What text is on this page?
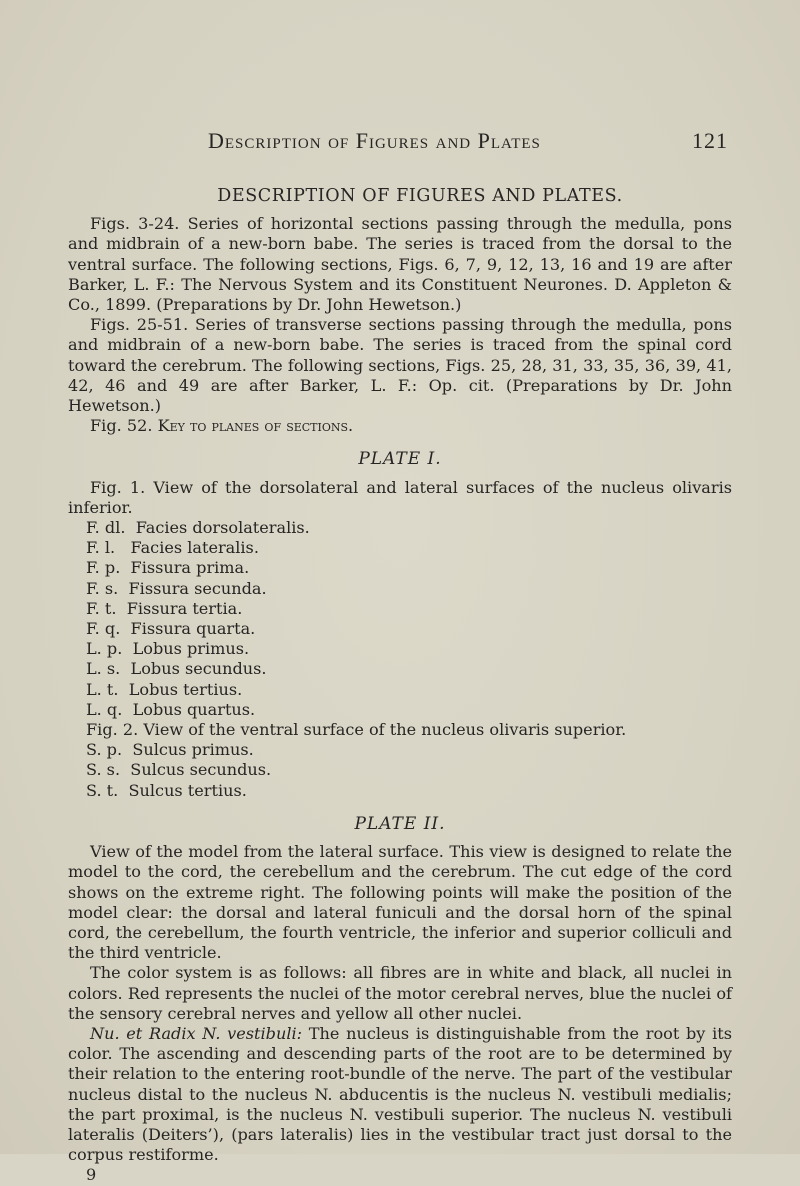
Description of Figures and Plates	121
DESCRIPTION OF FIGURES AND PLATES.

Figs. 3-24. Series of horizontal sections passing through the medulla, pons and midbrain of a new-born babe. The series is traced from the dorsal to the ventral surface. The following sections, Figs. 6, 7, 9, 12, 13, 16 and 19 are after Barker, L. F.: The Nervous System and its Constituent Neurones. D. Appleton & Co., 1899. (Preparations by Dr. John Hewetson.)

Figs. 25-51. Series of transverse sections passing through the medulla, pons and midbrain of a new-born babe. The series is traced from the spinal cord toward the cerebrum. The following sections, Figs. 25, 28, 31, 33, 35, 36, 39, 41, 42, 46 and 49 are after Barker, L. F.: Op. cit. (Preparations by Dr. John Hewetson.)

Fig. 52. Key to planes of sections.

PLATE I.

Fig. 1. View of the dorsolateral and lateral surfaces of the nucleus olivaris inferior.

F. dl. Facies dorsolateralis.
F. l. Facies lateralis.
F. p. Fissura prima.
F. s. Fissura secunda.
F. t. Fissura tertia.
F. q. Fissura quarta.
L. p. Lobus primus.
L. s. Lobus secundus.
L. t. Lobus tertius.
L. q. Lobus quartus.

Fig. 2. View of the ventral surface of the nucleus olivaris superior.

S. p. Sulcus primus.
S. s. Sulcus secundus.
S. t. Sulcus tertius.
PLATE II.

View of the model from the lateral surface. This view is designed to relate the model to the cord, the cerebellum and the cerebrum. The cut edge of the cord shows on the extreme right. The following points will make the position of the model clear: the dorsal and lateral funiculi and the dorsal horn of the spinal cord, the cerebellum, the fourth ventricle, the inferior and superior colliculi and the third ventricle.

The color system is as follows: all fibres are in white and black, all nuclei in colors. Red represents the nuclei of the motor cerebral nerves, blue the nuclei of the sensory cerebral nerves and yellow all other nuclei.

Nu. et Radix N. vestibuli: The nucleus is distinguishable from the root by its color. The ascending and descending parts of the root are to be determined by their relation to the entering root-bundle of the nerve. The part of the vestibular nucleus distal to the nucleus N. abducentis is the nucleus N. vestibuli medialis; the part proximal, is the nucleus N. vestibuli superior. The nucleus N. vestibuli lateralis (Deiters’), (pars lateralis) lies in the vestibular tract just dorsal to the corpus restiforme.

9
